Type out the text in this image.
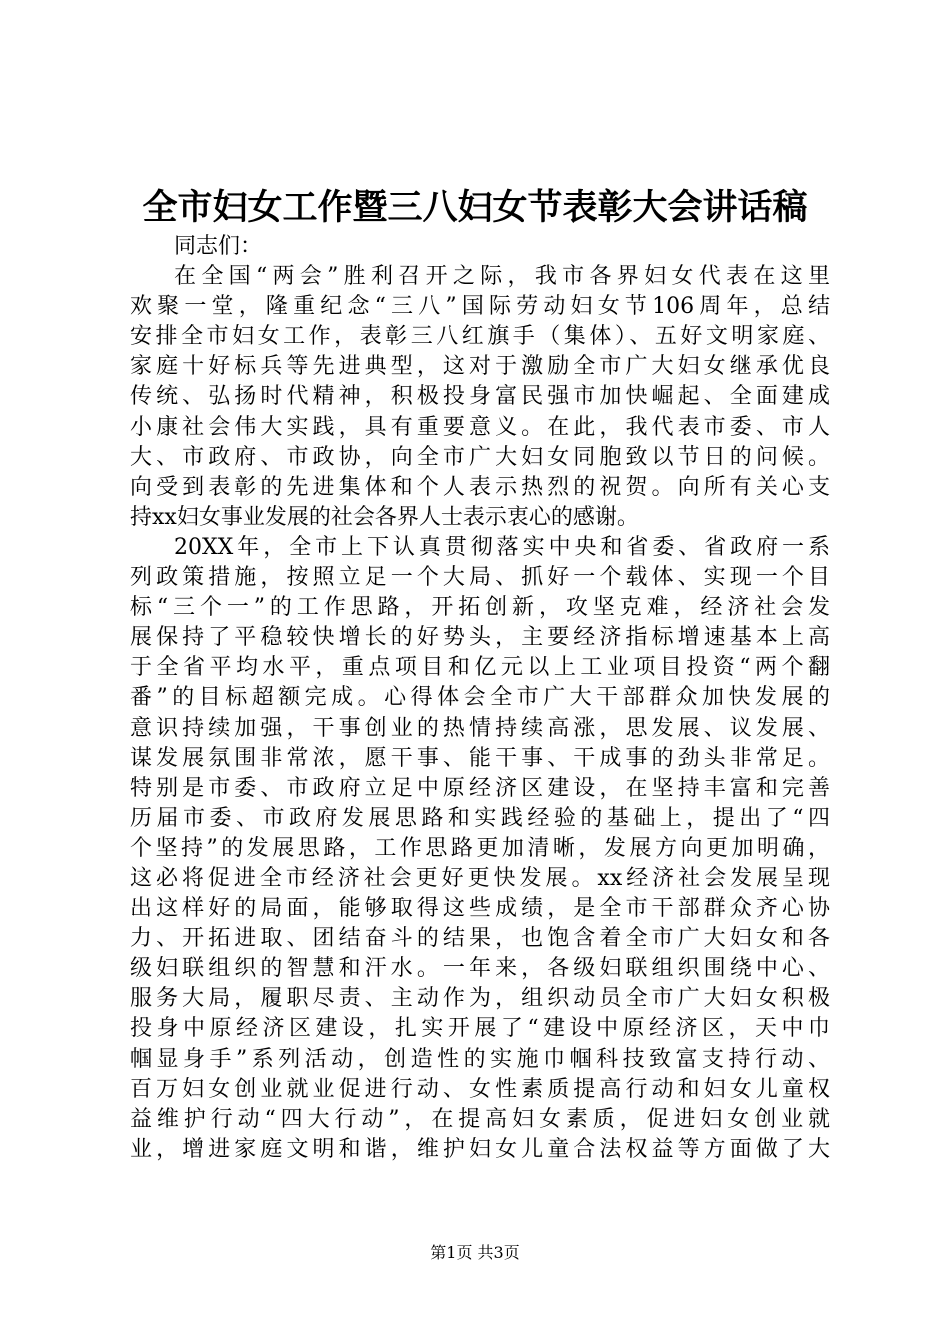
全市妇女工作暨三八妇女节表彰大会讲话稿
同志们：
在全国“两会”胜利召开之际，我市各界妇女代表在这里
欢聚一堂，隆重纪念“三八”国际劳动妇女节106周年，总结
安排全市妇女工作，表彰三八红旗手（集体）、五好文明家庭、
家庭十好标兵等先进典型，这对于激励全市广大妇女继承优良
传统、弘扬时代精神，积极投身富民强市加快崛起、全面建成
小康社会伟大实践，具有重要意义。在此，我代表市委、市人
大、市政府、市政协，向全市广大妇女同胞致以节日的问候。
向受到表彰的先进集体和个人表示热烈的祝贺。向所有关心支
持xx妇女事业发展的社会各界人士表示衷心的感谢。
20XX年，全市上下认真贯彻落实中央和省委、省政府一系
列政策措施，按照立足一个大局、抓好一个载体、实现一个目
标“三个一”的工作思路，开拓创新，攻坚克难，经济社会发
展保持了平稳较快增长的好势头，主要经济指标增速基本上高
于全省平均水平，重点项目和亿元以上工业项目投资“两个翻
番”的目标超额完成。心得体会全市广大干部群众加快发展的
意识持续加强，干事创业的热情持续高涨，思发展、议发展、
谋发展氛围非常浓，愿干事、能干事、干成事的劲头非常足。
特别是市委、市政府立足中原经济区建设，在坚持丰富和完善
历届市委、市政府发展思路和实践经验的基础上，提出了“四
个坚持”的发展思路，工作思路更加清晰，发展方向更加明确，
这必将促进全市经济社会更好更快发展。xx经济社会发展呈现
出这样好的局面，能够取得这些成绩，是全市干部群众齐心协
力、开拓进取、团结奋斗的结果，也饱含着全市广大妇女和各
级妇联组织的智慧和汗水。一年来，各级妇联组织围绕中心、
服务大局，履职尽责、主动作为，组织动员全市广大妇女积极
投身中原经济区建设，扎实开展了“建设中原经济区，天中巾
帼显身手”系列活动，创造性的实施巾帼科技致富支持行动、
百万妇女创业就业促进行动、女性素质提高行动和妇女儿童权
益维护行动“四大行动”，在提高妇女素质，促进妇女创业就
业，增进家庭文明和谐，维护妇女儿童合法权益等方面做了大
第1页 共3页
